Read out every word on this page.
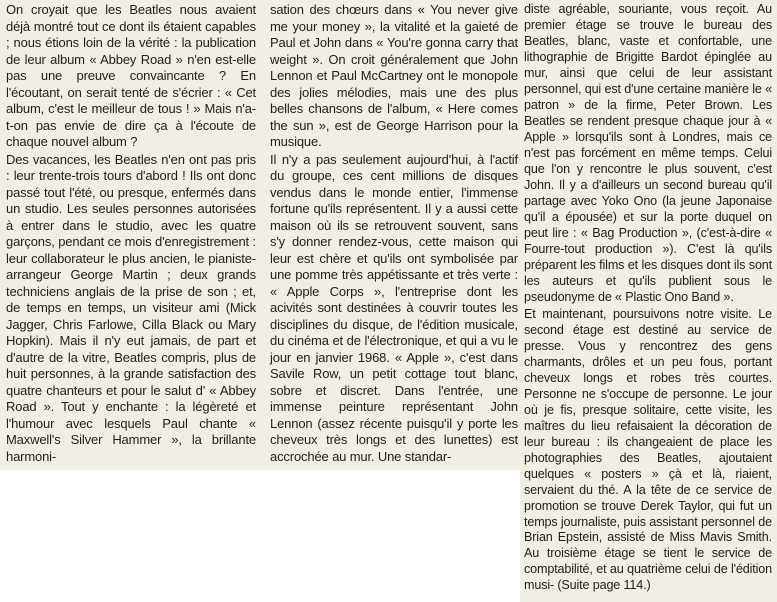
On croyait que les Beatles nous avaient déjà montré tout ce dont ils étaient capables ; nous étions loin de la vérité : la publication de leur album « Abbey Road » n'en est-elle pas une preuve convaincante ? En l'écoutant, on serait tenté de s'écrier : « Cet album, c'est le meilleur de tous ! » Mais n'a-t-on pas envie de dire ça à l'écoute de chaque nouvel album ?

Des vacances, les Beatles n'en ont pas pris : leur trente-trois tours d'abord ! Ils ont donc passé tout l'été, ou presque, enfermés dans un studio. Les seules personnes autorisées à entrer dans le studio, avec les quatre garçons, pendant ce mois d'enregistrement : leur collaborateur le plus ancien, le pianiste-arrangeur George Martin ; deux grands techniciens anglais de la prise de son ; et, de temps en temps, un visiteur ami (Mick Jagger, Chris Farlowe, Cilla Black ou Mary Hopkin). Mais il n'y eut jamais, de part et d'autre de la vitre, Beatles compris, plus de huit personnes, à la grande satisfaction des quatre chanteurs et pour le salut d' « Abbey Road ». Tout y enchante : la légèreté et l'humour avec lesquels Paul chante « Maxwell's Silver Hammer », la brillante harmoni-

sation des chœurs dans « You never give me your money », la vitalité et la gaieté de Paul et John dans « You're gonna carry that weight ». On croit généralement que John Lennon et Paul McCartney ont le monopole des jolies mélodies, mais une des plus belles chansons de l'album, « Here comes the sun », est de George Harrison pour la musique.

Il n'y a pas seulement aujourd'hui, à l'actif du groupe, ces cent millions de disques vendus dans le monde entier, l'immense fortune qu'ils représentent. Il y a aussi cette maison où ils se retrouvent souvent, sans s'y donner rendez-vous, cette maison qui leur est chère et qu'ils ont symbolisée par une pomme très appétissante et très verte : « Apple Corps », l'entreprise dont les acivités sont destinées à couvrir toutes les disciplines du disque, de l'édition musicale, du cinéma et de l'électronique, et qui a vu le jour en janvier 1968. « Apple », c'est dans Savile Row, un petit cottage tout blanc, sobre et discret. Dans l'entrée, une immense peinture représentant John Lennon (assez récente puisqu'il y porte les cheveux très longs et des lunettes) est accrochée au mur. Une standar-

diste agréable, souriante, vous reçoit. Au premier étage se trouve le bureau des Beatles, blanc, vaste et confortable, une lithographie de Brigitte Bardot épinglée au mur, ainsi que celui de leur assistant personnel, qui est d'une certaine manière le « patron » de la firme, Peter Brown. Les Beatles se rendent presque chaque jour à « Apple » lorsqu'ils sont à Londres, mais ce n'est pas forcément en même temps. Celui que l'on y rencontre le plus souvent, c'est John. Il y a d'ailleurs un second bureau qu'il partage avec Yoko Ono (la jeune Japonaise qu'il a épousée) et sur la porte duquel on peut lire : « Bag Production », (c'est-à-dire « Fourre-tout production »). C'est là qu'ils préparent les films et les disques dont ils sont les auteurs et qu'ils publient sous le pseudonyme de « Plastic Ono Band ».

Et maintenant, poursuivons notre visite. Le second étage est destiné au service de presse. Vous y rencontrez des gens charmants, drôles et un peu fous, portant cheveux longs et robes très courtes. Personne ne s'occupe de personne. Le jour où je fis, presque solitaire, cette visite, les maîtres du lieu refaisaient la décoration de leur bureau : ils changeaient de place les photographies des Beatles, ajoutaient quelques « posters » çà et là, riaient, servaient du thé. A la tête de ce service de promotion se trouve Derek Taylor, qui fut un temps journaliste, puis assistant personnel de Brian Epstein, assisté de Miss Mavis Smith. Au troisième étage se tient le service de comptabilité, et au quatrième celui de l'édition musi- (Suite page 114.)
